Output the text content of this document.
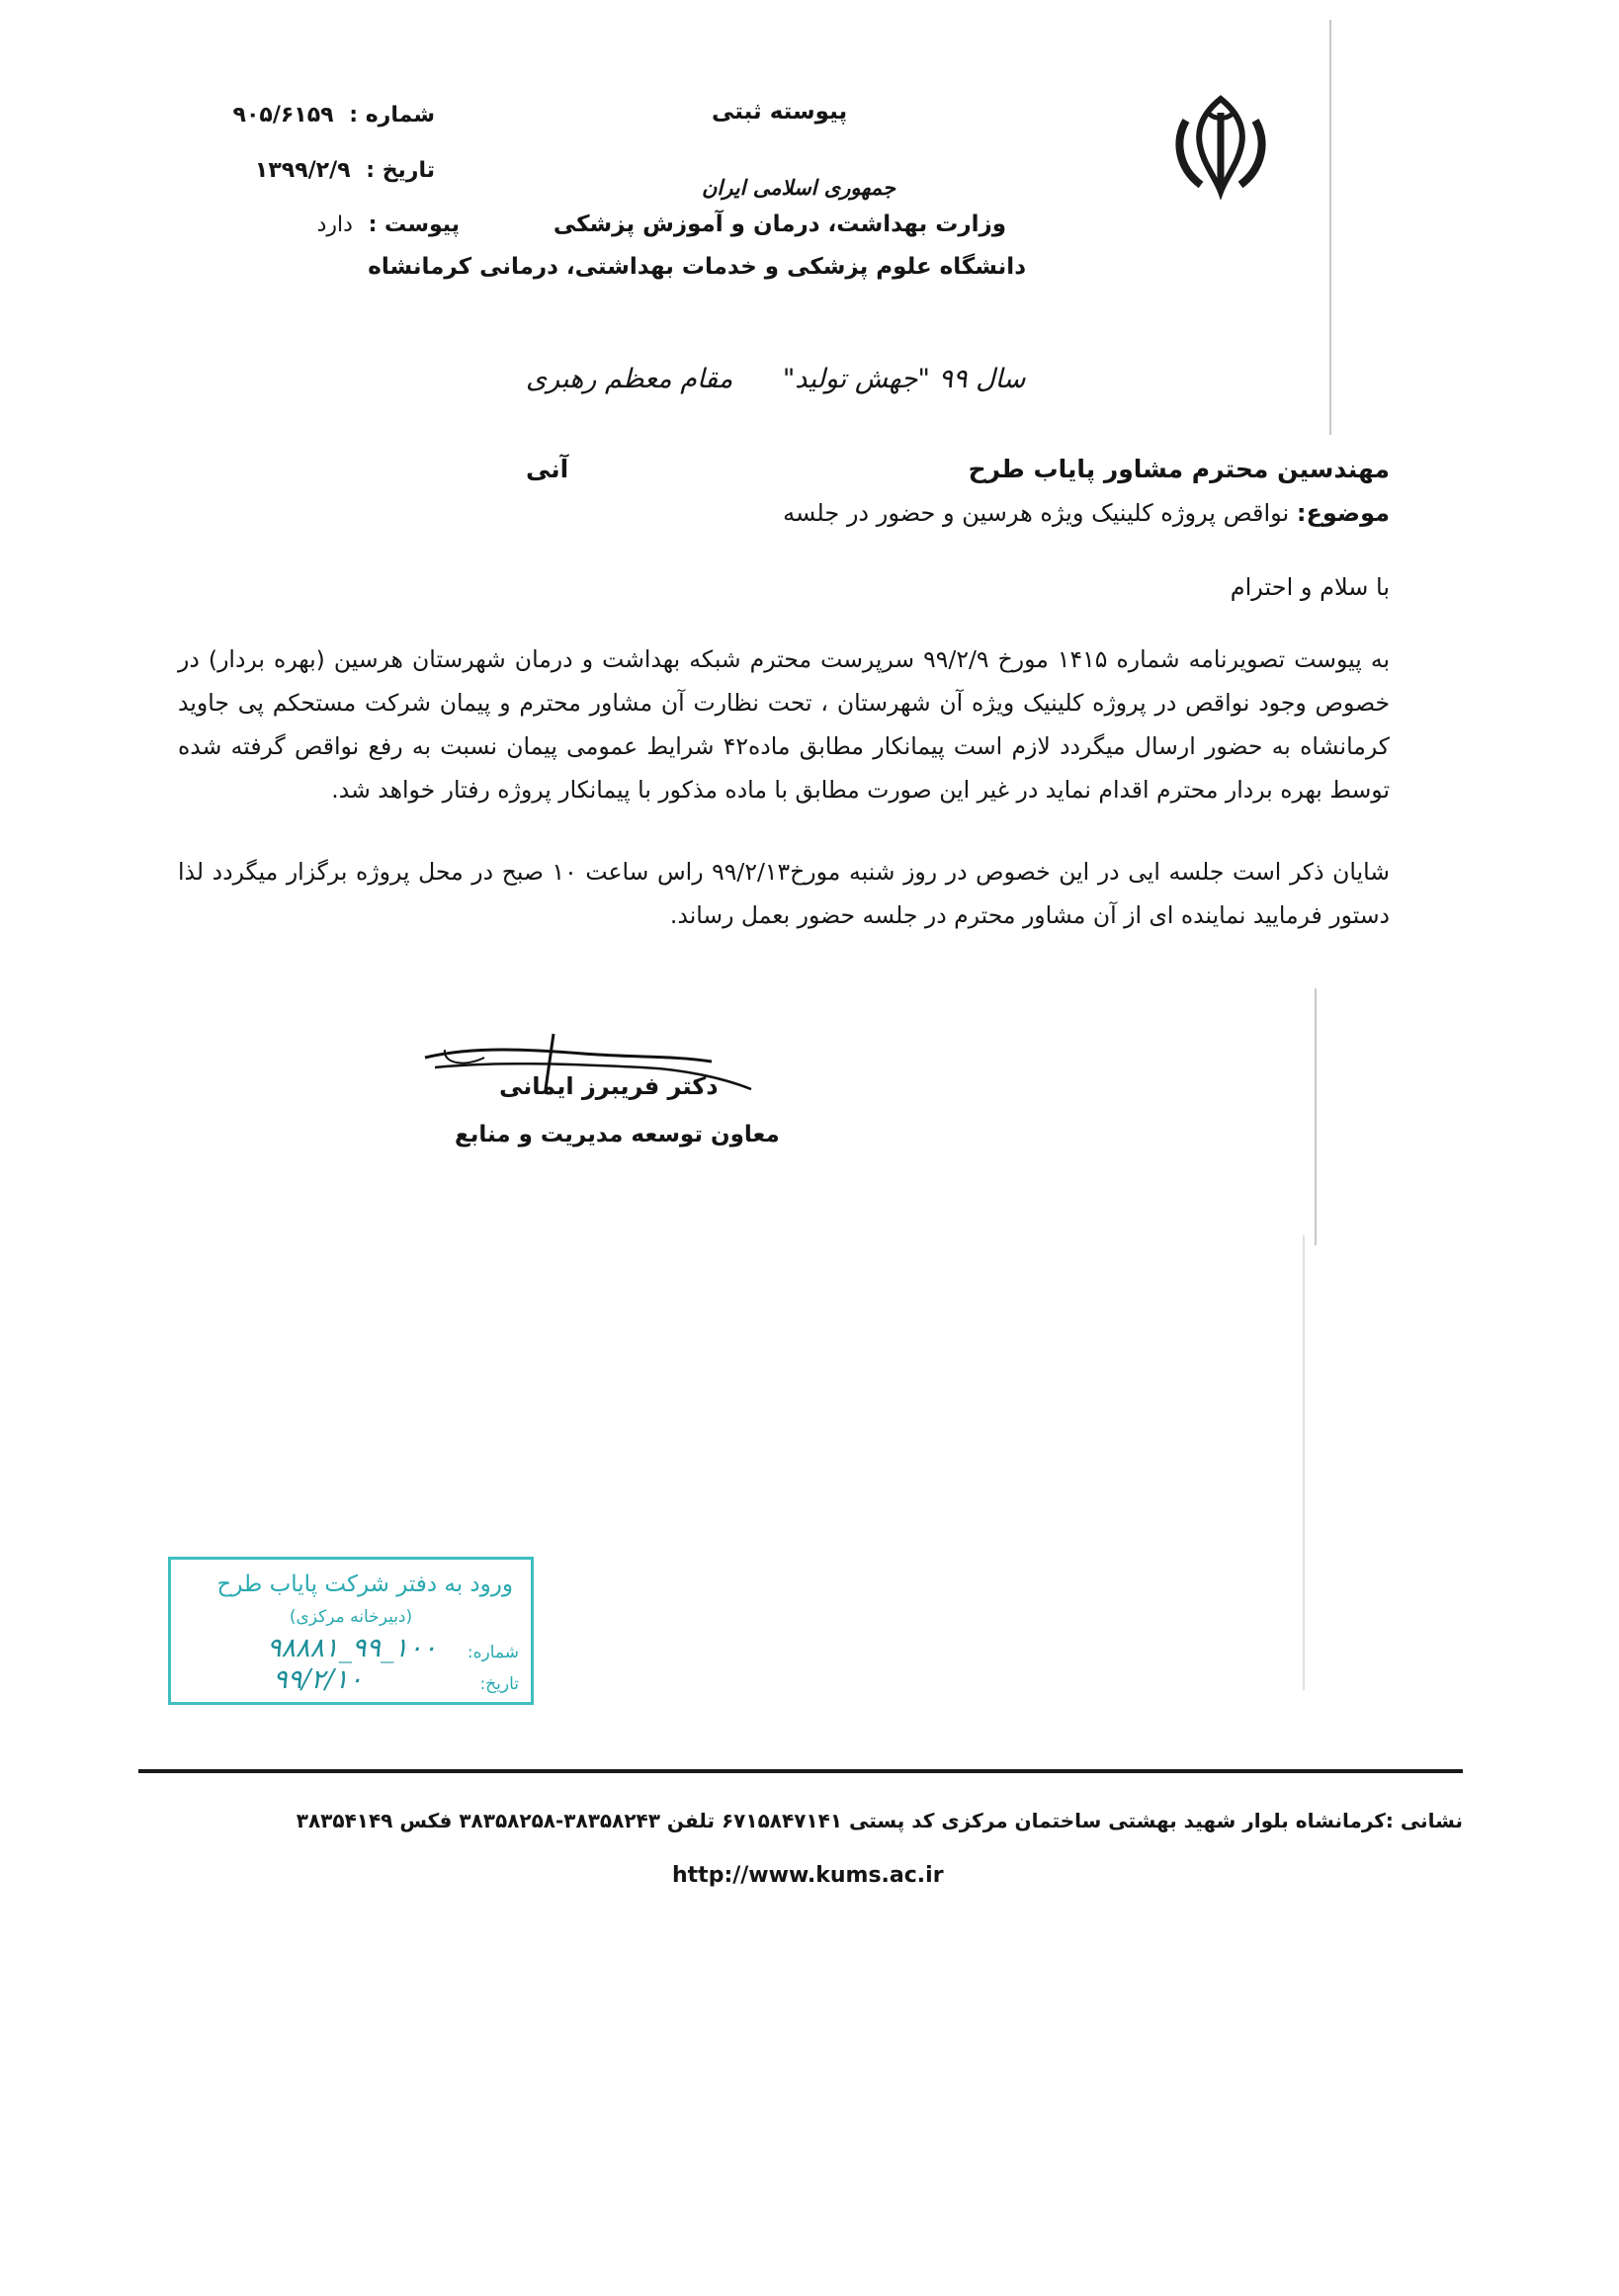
جمهوری اسلامی ایران
وزارت بهداشت، درمان و آموزش پزشکی
دانشگاه علوم پزشکی و خدمات بهداشتی، درمانی کرمانشاه
پیوسته ثبتی
شماره : ۹۰۵/۶۱۵۹
تاریخ : ۱۳۹۹/۲/۹
پیوست : دارد
سال ۹۹ "جهش تولید" مقام معظم رهبری
مهندسین محترم مشاور پایاب طرح
آنی
موضوع: نواقص پروژه کلینیک ویژه هرسین و حضور در جلسه
با سلام و احترام
به پیوست تصویرنامه شماره ۱۴۱۵ مورخ ۹۹/۲/۹ سرپرست محترم شبکه بهداشت و درمان شهرستان هرسین (بهره بردار) در خصوص وجود نواقص در پروژه کلینیک ویژه آن شهرستان ، تحت نظارت آن مشاور محترم و پیمان شرکت مستحکم پی جاوید کرمانشاه به حضور ارسال میگردد لازم است پیمانکار مطابق ماده۴۲ شرایط عمومی پیمان نسبت به رفع نواقص گرفته شده توسط بهره بردار محترم اقدام نماید در غیر این صورت مطابق با ماده مذکور با پیمانکار پروژه رفتار خواهد شد.
شایان ذکر است جلسه ایی در این خصوص در روز شنبه مورخ۹۹/۲/۱۳ راس ساعت ۱۰ صبح در محل پروژه برگزار میگردد لذا دستور فرمایید نماینده ای از آن مشاور محترم در جلسه حضور بعمل رساند.
دکتر فریبرز ایمانی
معاون توسعه مدیریت و منابع
ورود به دفتر شرکت پایاب طرح
(دبیرخانه مرکزی)
شماره:
۱۰۰_۹۹_۹۸۸۸۱
تاریخ:
۹۹/۲/۱۰
نشانی :کرمانشاه بلوار شهید بهشتی ساختمان مرکزی کد پستی ۶۷۱۵۸۴۷۱۴۱ تلفن ۳۸۳۵۸۲۴۳-۳۸۳۵۸۲۵۸ فکس ۳۸۳۵۴۱۴۹
http://www.kums.ac.ir
